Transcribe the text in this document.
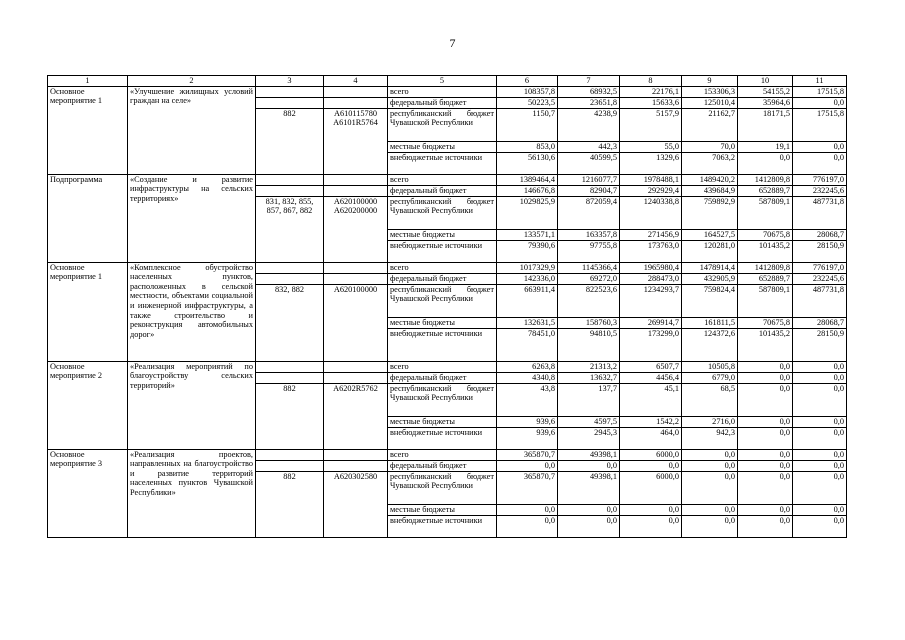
7
1	2	3	4	5	6	7	8	9	10	11
Основное мероприятие 1	«Улучшение жилищных условий граждан на селе»			всего	108357,8	68932,5	22176,1	153306,3	54155,2	17515,8
				федеральный бюджет	50223,5	23651,8	15633,6	125010,4	35964,6	0,0
		882	А610115780 А6101R5764	республиканский бюджет Чувашской Республики	1150,7	4238,9	5157,9	21162,7	18171,5	17515,8
				местные бюджеты	853,0	442,3	55,0	70,0	19,1	0,0
				внебюджетные источники	56130,6	40599,5	1329,6	7063,2	0,0	0,0
Подпрограмма	«Создание и развитие инфраструктуры на сельских территориях»			всего	1389464,4	1216077,7	1978488,1	1489420,2	1412809,8	776197,0
				федеральный бюджет	146676,8	82904,7	292929,4	439684,9	652889,7	232245,6
		831, 832, 855, 857, 867, 882	А620100000 А620200000	республиканский бюджет Чувашской Республики	1029825,9	872059,4	1240338,8	759892,9	587809,1	487731,8
				местные бюджеты	133571,1	163357,8	271456,9	164527,5	70675,8	28068,7
				внебюджетные источники	79390,6	97755,8	173763,0	120281,0	101435,2	28150,9
Основное мероприятие 1	«Комплексное обустройство населенных пунктов, расположенных в сельской местности, объектами социальной и инженерной инфраструктуры, а также строительство и реконструкция автомобильных дорог»			всего	1017329,9	1145366,4	1965980,4	1478914,4	1412809,8	776197,0
				федеральный бюджет	142336,0	69272,0	288473,0	432905,9	652889,7	232245,6
		832, 882	А620100000	республиканский бюджет Чувашской Республики	663911,4	822523,6	1234293,7	759824,4	587809,1	487731,8
				местные бюджеты	132631,5	158760,3	269914,7	161811,5	70675,8	28068,7
				внебюджетные источники	78451,0	94810,5	173299,0	124372,6	101435,2	28150,9
Основное мероприятие 2	«Реализация мероприятий по благоустройству сельских территорий»			всего	6263,8	21313,2	6507,7	10505,8	0,0	0,0
				федеральный бюджет	4340,8	13632,7	4456,4	6779,0	0,0	0,0
		882	А6202R5762	республиканский бюджет Чувашской Республики	43,8	137,7	45,1	68,5	0,0	0,0
				местные бюджеты	939,6	4597,5	1542,2	2716,0	0,0	0,0
				внебюджетные источники	939,6	2945,3	464,0	942,3	0,0	0,0
Основное мероприятие 3	«Реализация проектов, направленных на благоустройство и развитие территорий населенных пунктов Чувашской Республики»			всего	365870,7	49398,1	6000,0	0,0	0,0	0,0
				федеральный бюджет	0,0	0,0	0,0	0,0	0,0	0,0
		882	А620302580	республиканский бюджет Чувашской Республики	365870,7	49398,1	6000,0	0,0	0,0	0,0
				местные бюджеты	0,0	0,0	0,0	0,0	0,0	0,0
				внебюджетные источники	0,0	0,0	0,0	0,0	0,0	0,0
